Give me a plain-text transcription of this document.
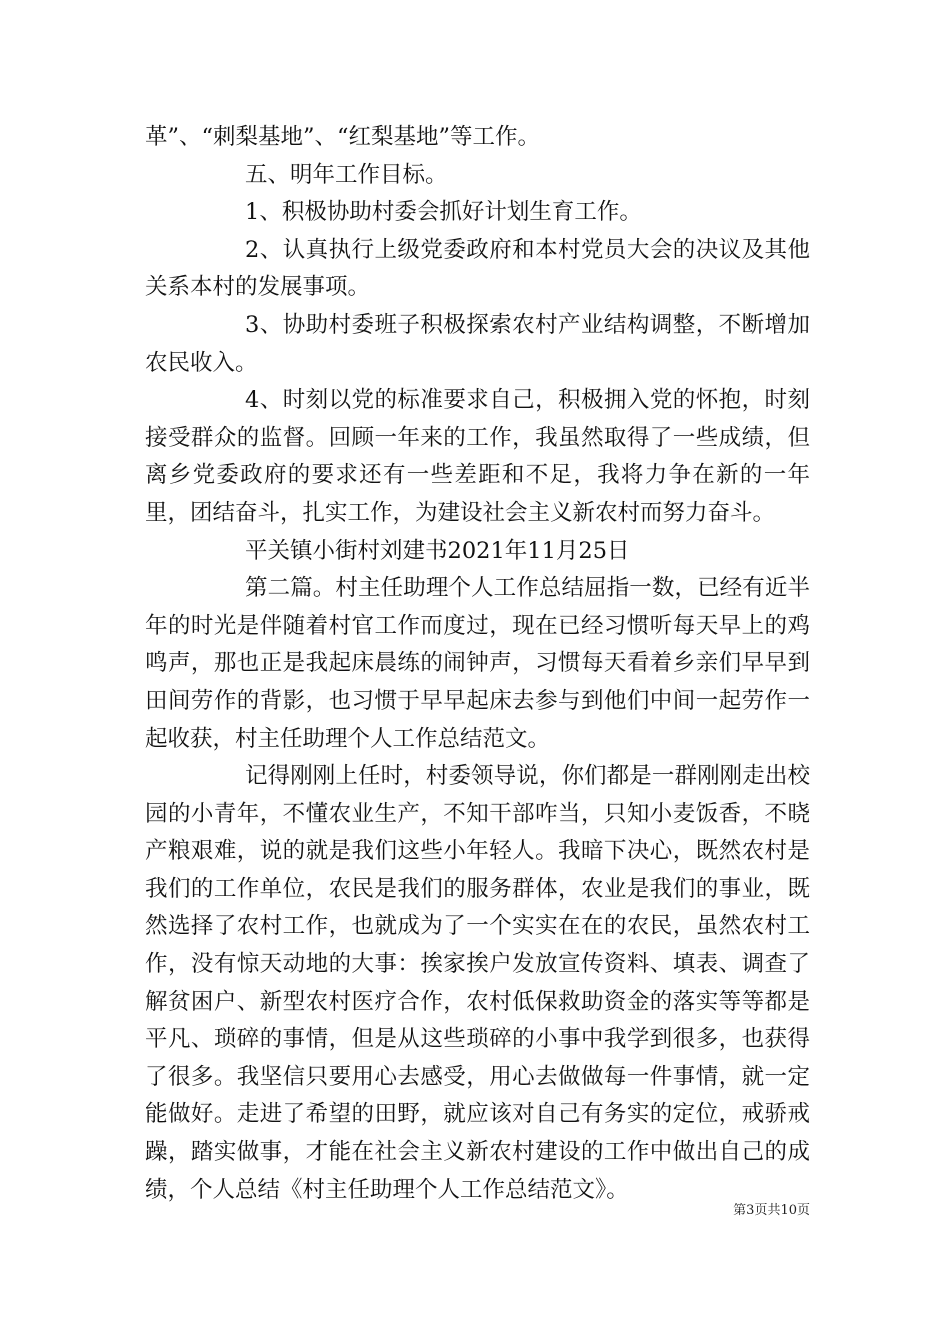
革”、“刺梨基地”、“红梨基地”等工作。

五、明年工作目标。

1、积极协助村委会抓好计划生育工作。

2、认真执行上级党委政府和本村党员大会的决议及其他关系本村的发展事项。

3、协助村委班子积极探索农村产业结构调整，不断增加农民收入。

4、时刻以党的标准要求自己，积极拥入党的怀抱，时刻接受群众的监督。回顾一年来的工作，我虽然取得了一些成绩，但离乡党委政府的要求还有一些差距和不足，我将力争在新的一年里，团结奋斗，扎实工作，为建设社会主义新农村而努力奋斗。

平关镇小街村刘建书2021年11月25日

第二篇。村主任助理个人工作总结屈指一数，已经有近半年的时光是伴随着村官工作而度过，现在已经习惯听每天早上的鸡鸣声，那也正是我起床晨练的闹钟声，习惯每天看着乡亲们早早到田间劳作的背影，也习惯于早早起床去参与到他们中间一起劳作一起收获，村主任助理个人工作总结范文。

记得刚刚上任时，村委领导说，你们都是一群刚刚走出校园的小青年，不懂农业生产，不知干部咋当，只知小麦饭香，不晓产粮艰难，说的就是我们这些小年轻人。我暗下决心，既然农村是我们的工作单位，农民是我们的服务群体，农业是我们的事业，既然选择了农村工作，也就成为了一个实实在在的农民，虽然农村工作，没有惊天动地的大事：挨家挨户发放宣传资料、填表、调查了解贫困户、新型农村医疗合作，农村低保救助资金的落实等等都是平凡、琐碎的事情，但是从这些琐碎的小事中我学到很多，也获得了很多。我坚信只要用心去感受，用心去做做每一件事情，就一定能做好。走进了希望的田野，就应该对自己有务实的定位，戒骄戒躁，踏实做事，才能在社会主义新农村建设的工作中做出自己的成绩，个人总结《村主任助理个人工作总结范文》。

第3页共10页
